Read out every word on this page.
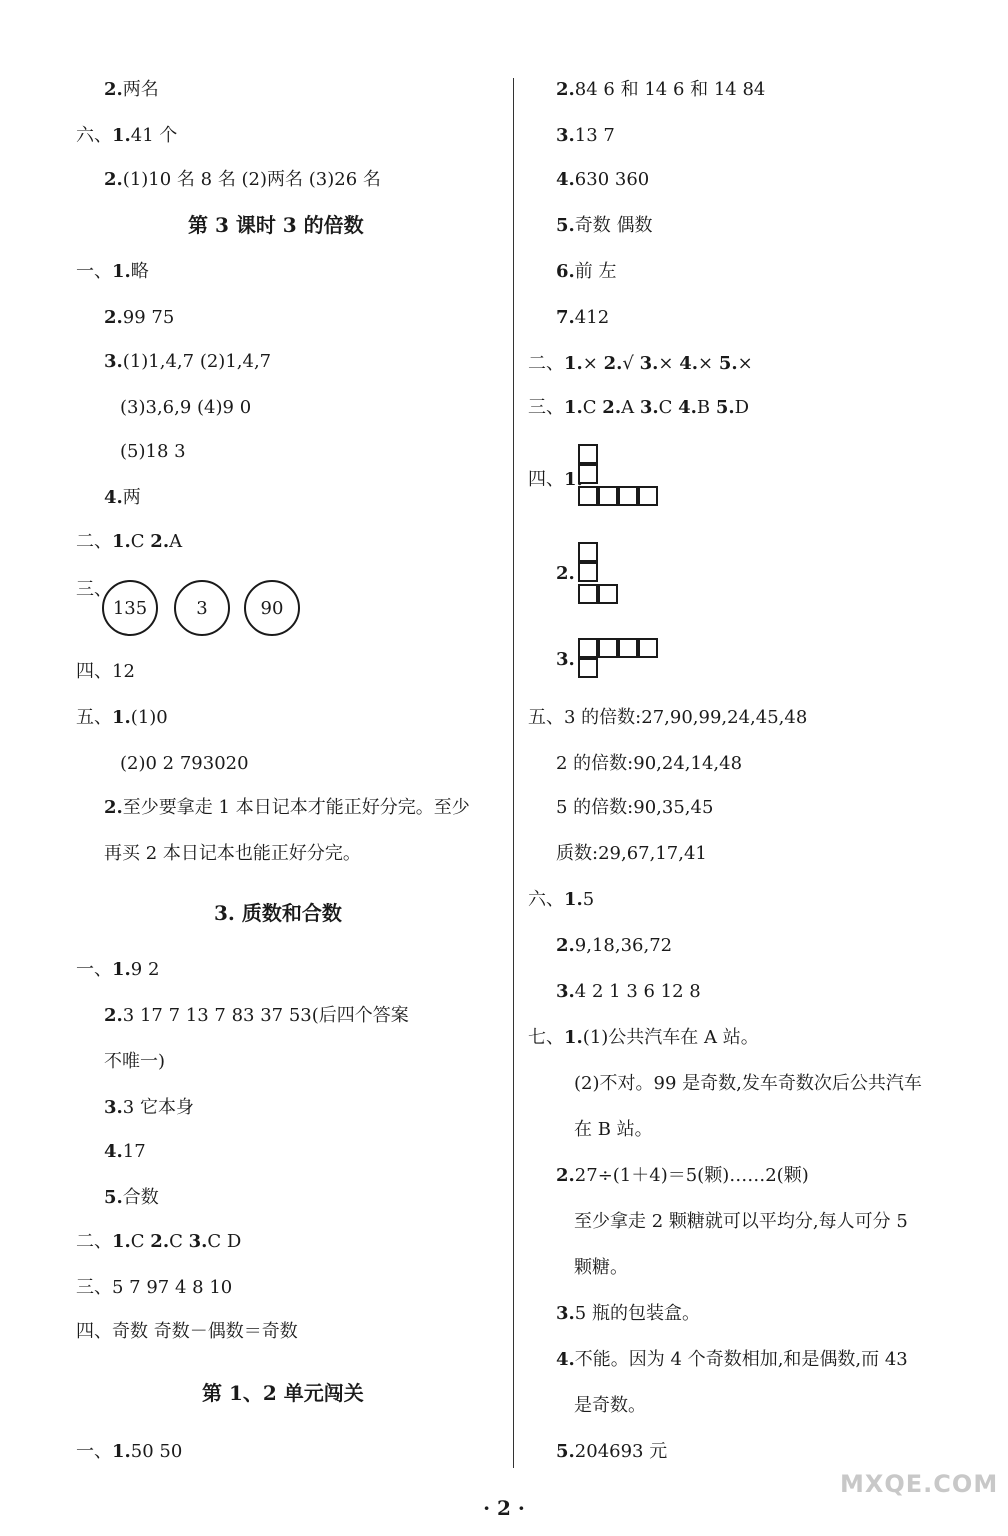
2.两名
六、1.41 个
2.(1)10 名 8 名 (2)两名 (3)26 名
第 3 课时 3 的倍数
一、1.略
2.99 75
3.(1)1,4,7 (2)1,4,7
(3)3,6,9 (4)9 0
(5)18 3
4.两
二、1.C 2.A
三、
135	3	90
四、12
五、1.(1)0
(2)0 2 793020
2.至少要拿走 1 本日记本才能正好分完。至少
再买 2 本日记本也能正好分完。
3. 质数和合数
一、1.9 2
2.3 17 7 13 7 83 37 53(后四个答案
不唯一)
3.3 它本身
4.17
5.合数
二、1.C 2.C 3.C D
三、5 7 97 4 8 10
四、奇数 奇数－偶数＝奇数
第 1、2 单元闯关
一、1.50 50
2.84 6 和 14 6 和 14 84
3.13 7
4.630 360
5.奇数 偶数
6.前 左
7.412
二、1.× 2.√ 3.× 4.× 5.×
三、1.C 2.A 3.C 4.B 5.D
四、1.
2.
3.
五、3 的倍数:27,90,99,24,45,48
2 的倍数:90,24,14,48
5 的倍数:90,35,45
质数:29,67,17,41
六、1.5
2.9,18,36,72
3.4 2 1 3 6 12 8
七、1.(1)公共汽车在 A 站。
(2)不对。99 是奇数,发车奇数次后公共汽车
在 B 站。
2.27÷(1＋4)＝5(颗)……2(颗)
至少拿走 2 颗糖就可以平均分,每人可分 5
颗糖。
3.5 瓶的包装盒。
4.不能。因为 4 个奇数相加,和是偶数,而 43
是奇数。
5.204693 元
MXQE.COM
· 2 ·
